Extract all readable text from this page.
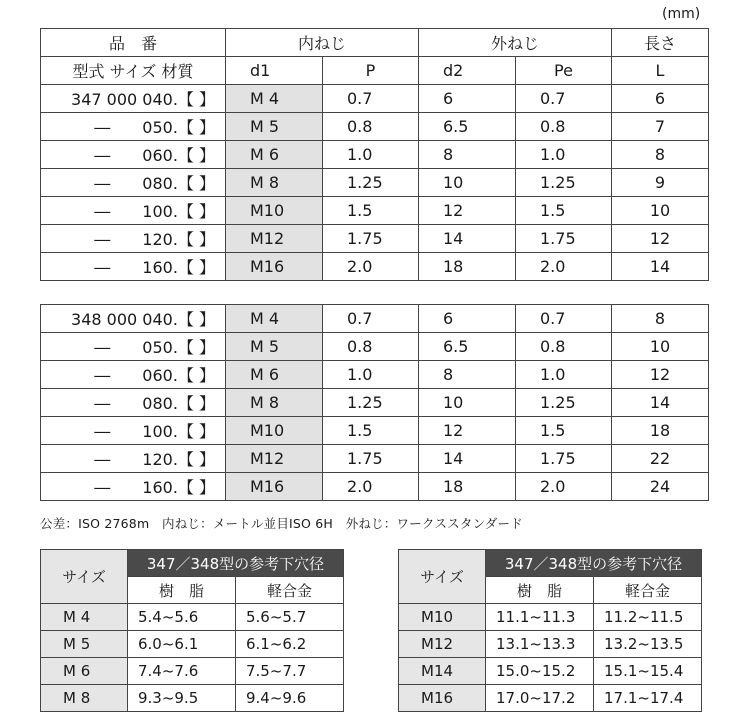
(mm)
品　番	内ねじ		外ねじ		長さ
型式 サイズ 材質	d1	P	d2	Pe	L
347 000 040.【 】	M 4	0.7	6	0.7	6
―　　050.【 】	M 5	0.8	6.5	0.8	7
―　　060.【 】	M 6	1.0	8	1.0	8
―　　080.【 】	M 8	1.25	10	1.25	9
―　　100.【 】	M10	1.5	12	1.5	10
―　　120.【 】	M12	1.75	14	1.75	12
―　　160.【 】	M16	2.0	18	2.0	14
348 000 040.【 】	M 4	0.7	6	0.7	8
―　　050.【 】	M 5	0.8	6.5	0.8	10
―　　060.【 】	M 6	1.0	8	1.0	12
―　　080.【 】	M 8	1.25	10	1.25	14
―　　100.【 】	M10	1.5	12	1.5	18
―　　120.【 】	M12	1.75	14	1.75	22
―　　160.【 】	M16	2.0	18	2.0	24
公差：ISO 2768m　内ねじ：メートル並目ISO 6H　外ねじ：ワークススタンダード
サイズ	347／348型の参考下穴径	
	樹　脂	軽合金
M 4	5.4~5.6	5.6~5.7
M 5	6.0~6.1	6.1~6.2
M 6	7.4~7.6	7.5~7.7
M 8	9.3~9.5	9.4~9.6
サイズ	347／348型の参考下穴径	
	樹　脂	軽合金
M10	11.1~11.3	11.2~11.5
M12	13.1~13.3	13.2~13.5
M14	15.0~15.2	15.1~15.4
M16	17.0~17.2	17.1~17.4
